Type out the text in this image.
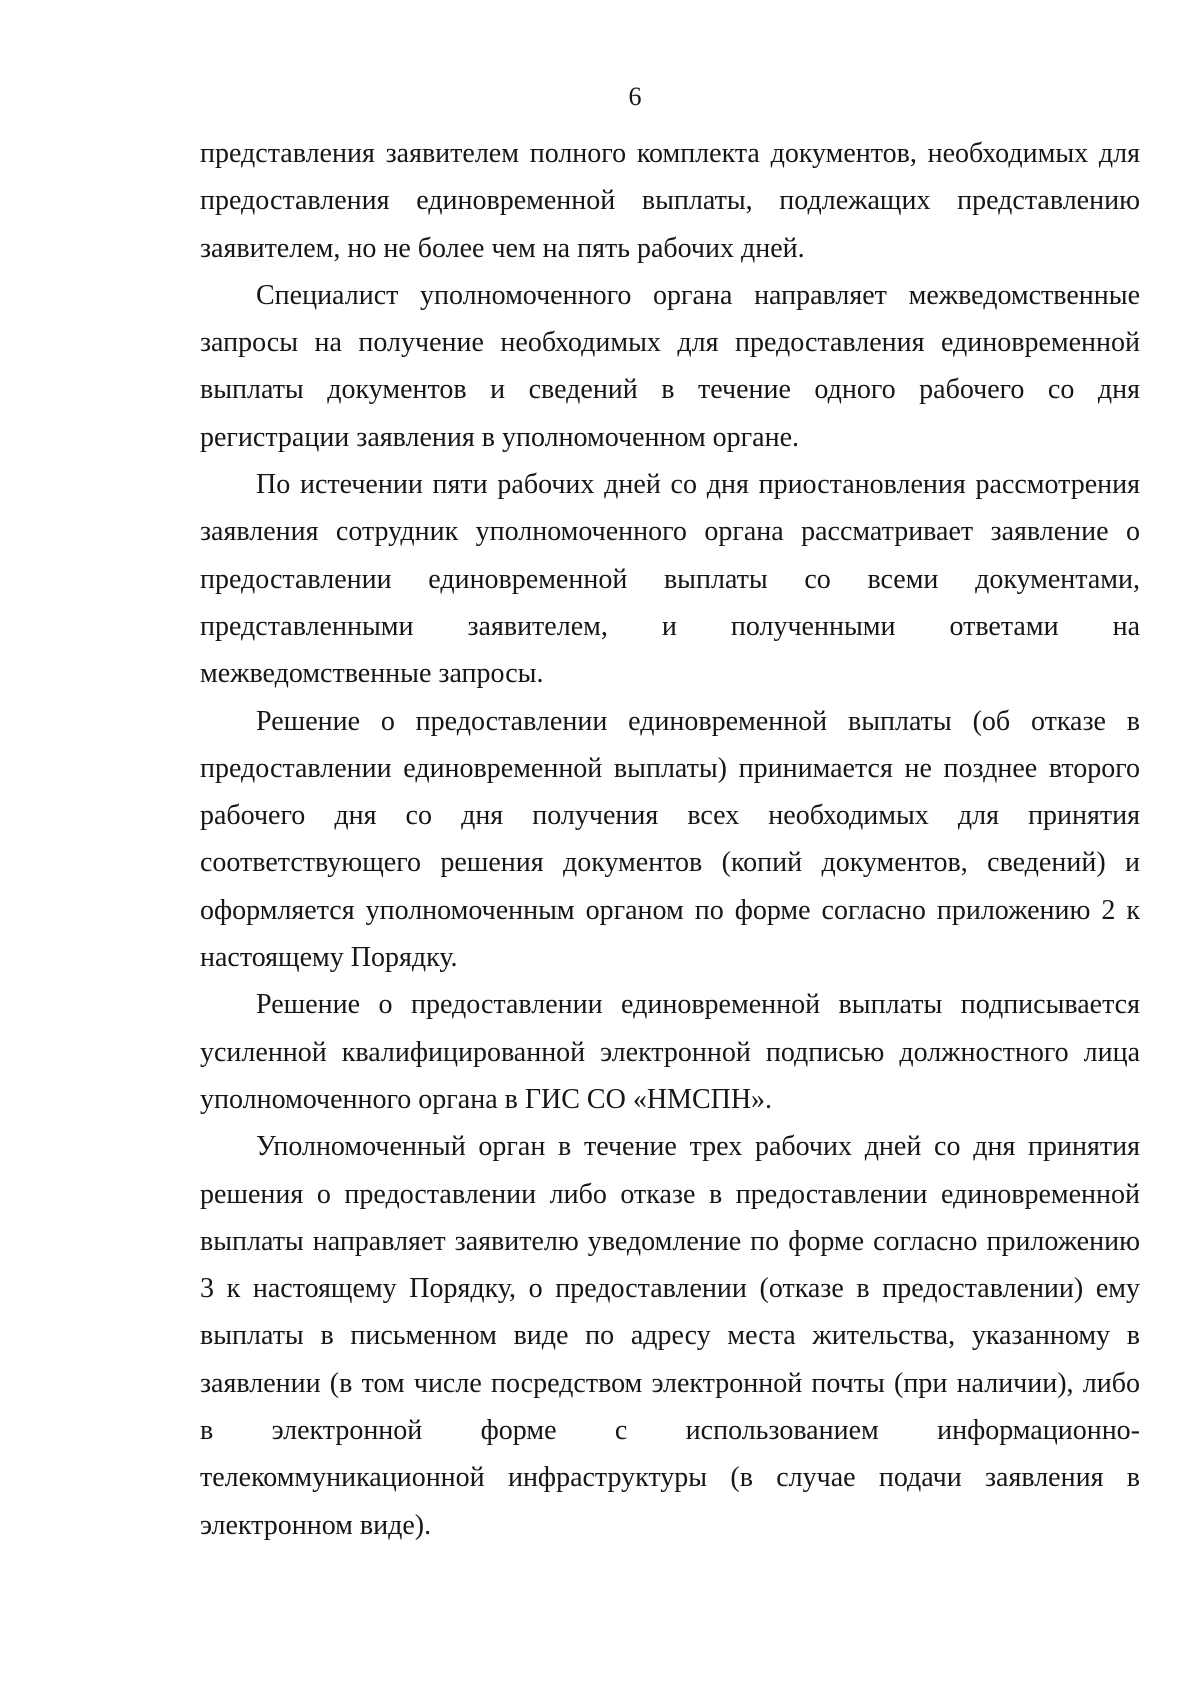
6

представления заявителем полного комплекта документов, необходимых для предоставления единовременной выплаты, подлежащих представлению заявителем, но не более чем на пять рабочих дней.

Специалист уполномоченного органа направляет межведомственные запросы на получение необходимых для предоставления единовременной выплаты документов и сведений в течение одного рабочего со дня регистрации заявления в уполномоченном органе.

По истечении пяти рабочих дней со дня приостановления рассмотрения заявления сотрудник уполномоченного органа рассматривает заявление о предоставлении единовременной выплаты со всеми документами, представленными заявителем, и полученными ответами на межведомственные запросы.

Решение о предоставлении единовременной выплаты (об отказе в предоставлении единовременной выплаты) принимается не позднее второго рабочего дня со дня получения всех необходимых для принятия соответствующего решения документов (копий документов, сведений) и оформляется уполномоченным органом по форме согласно приложению 2 к настоящему Порядку.

Решение о предоставлении единовременной выплаты подписывается усиленной квалифицированной электронной подписью должностного лица уполномоченного органа в ГИС СО «НМСПН».

Уполномоченный орган в течение трех рабочих дней со дня принятия решения о предоставлении либо отказе в предоставлении единовременной выплаты направляет заявителю уведомление по форме согласно приложению 3 к настоящему Порядку, о предоставлении (отказе в предоставлении) ему выплаты в письменном виде по адресу места жительства, указанному в заявлении (в том числе посредством электронной почты (при наличии), либо в электронной форме с использованием информационно-телекоммуникационной инфраструктуры (в случае подачи заявления в электронном виде).
